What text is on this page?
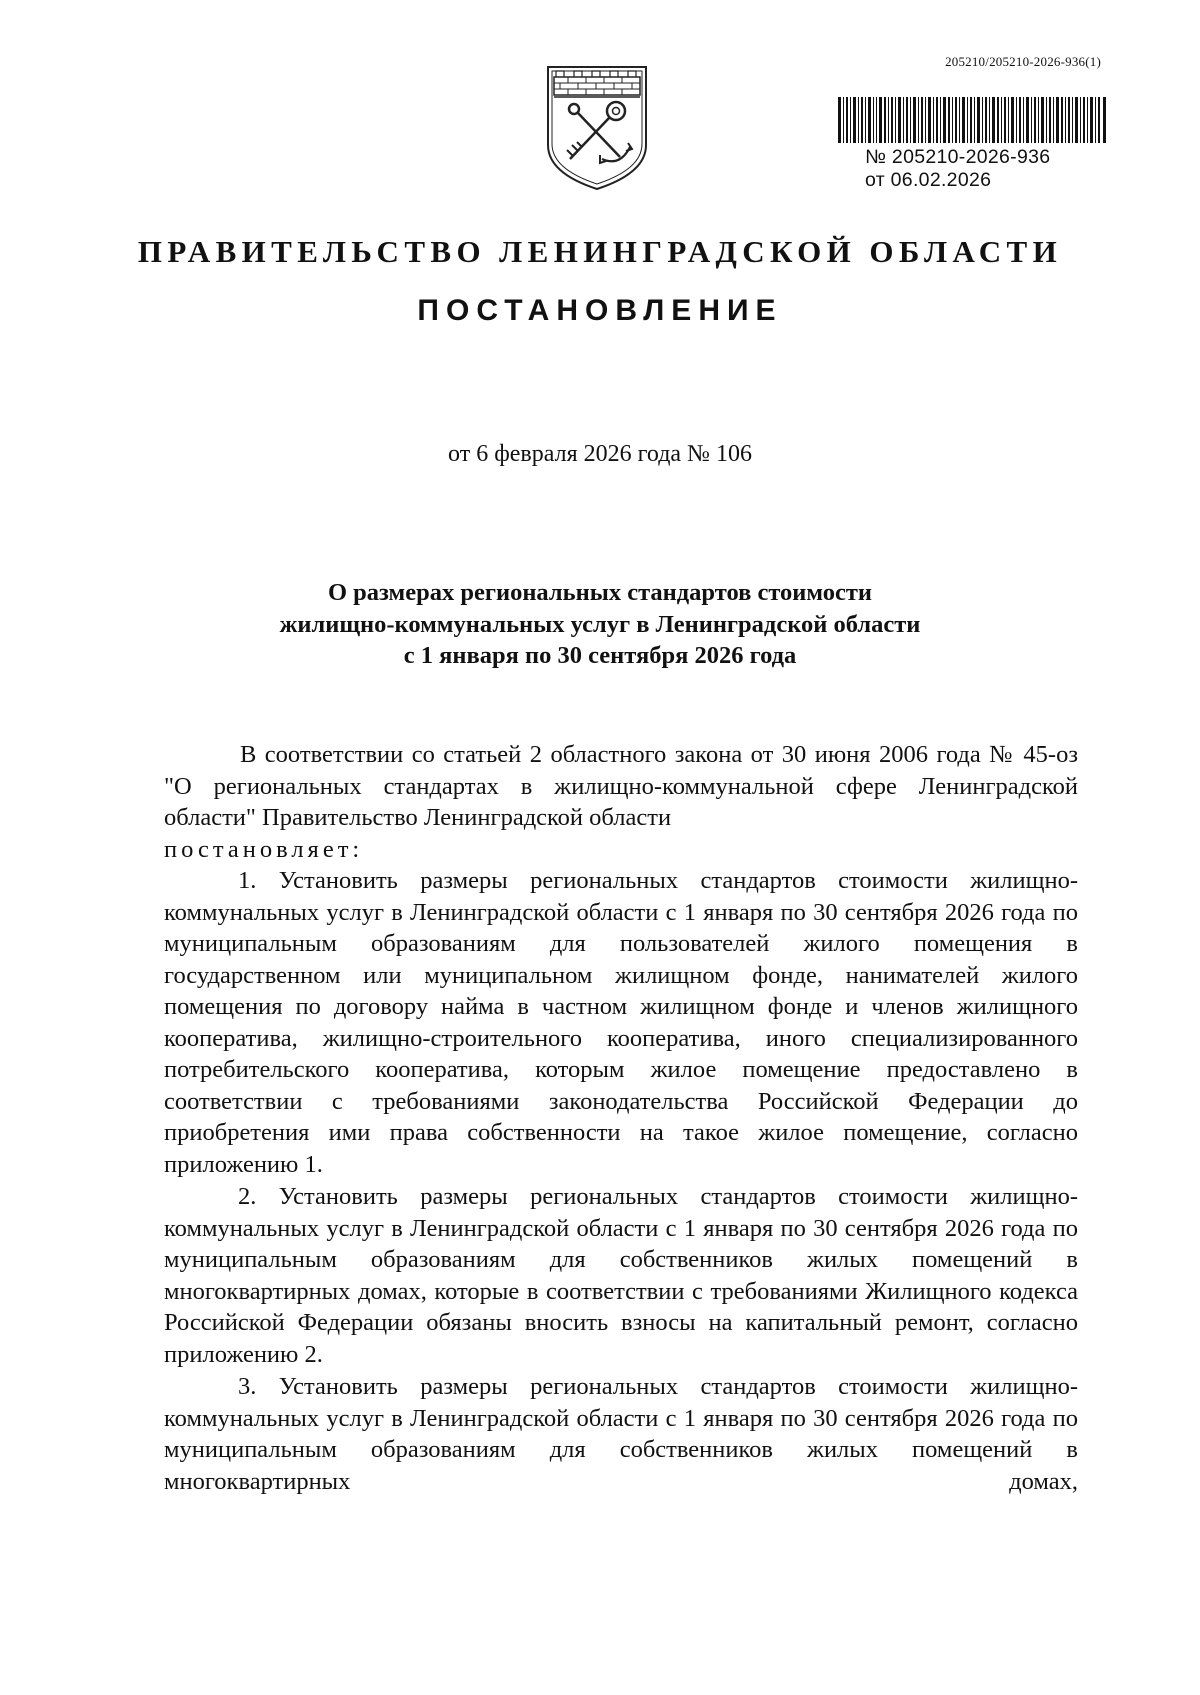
205210/205210-2026-936(1)
№ 205210-2026-936
от 06.02.2026
ПРАВИТЕЛЬСТВО ЛЕНИНГРАДСКОЙ ОБЛАСТИ
ПОСТАНОВЛЕНИЕ
от 6 февраля 2026 года № 106
О размерах региональных стандартов стоимости
жилищно-коммунальных услуг в Ленинградской области
с 1 января по 30 сентября 2026 года

В соответствии со статьей 2 областного закона от 30 июня 2006 года № 45-оз "О региональных стандартах в жилищно-коммунальной сфере Ленинградской области" Правительство Ленинградской области

постановляет:

1. Установить размеры региональных стандартов стоимости жилищно-коммунальных услуг в Ленинградской области с 1 января по 30 сентября 2026 года по муниципальным образованиям для пользователей жилого помещения в государственном или муниципальном жилищном фонде, нанимателей жилого помещения по договору найма в частном жилищном фонде и членов жилищного кооператива, жилищно-строительного кооператива, иного специализированного потребительского кооператива, которым жилое помещение предоставлено в соответствии с требованиями законодательства Российской Федерации до приобретения ими права собственности на такое жилое помещение, согласно приложению 1.

2. Установить размеры региональных стандартов стоимости жилищно-коммунальных услуг в Ленинградской области с 1 января по 30 сентября 2026 года по муниципальным образованиям для собственников жилых помещений в многоквартирных домах, которые в соответствии с требованиями Жилищного кодекса Российской Федерации обязаны вносить взносы на капитальный ремонт, согласно приложению 2.

3. Установить размеры региональных стандартов стоимости жилищно-коммунальных услуг в Ленинградской области с 1 января по 30 сентября 2026 года по муниципальным образованиям для собственников жилых помещений в многоквартирных домах,
